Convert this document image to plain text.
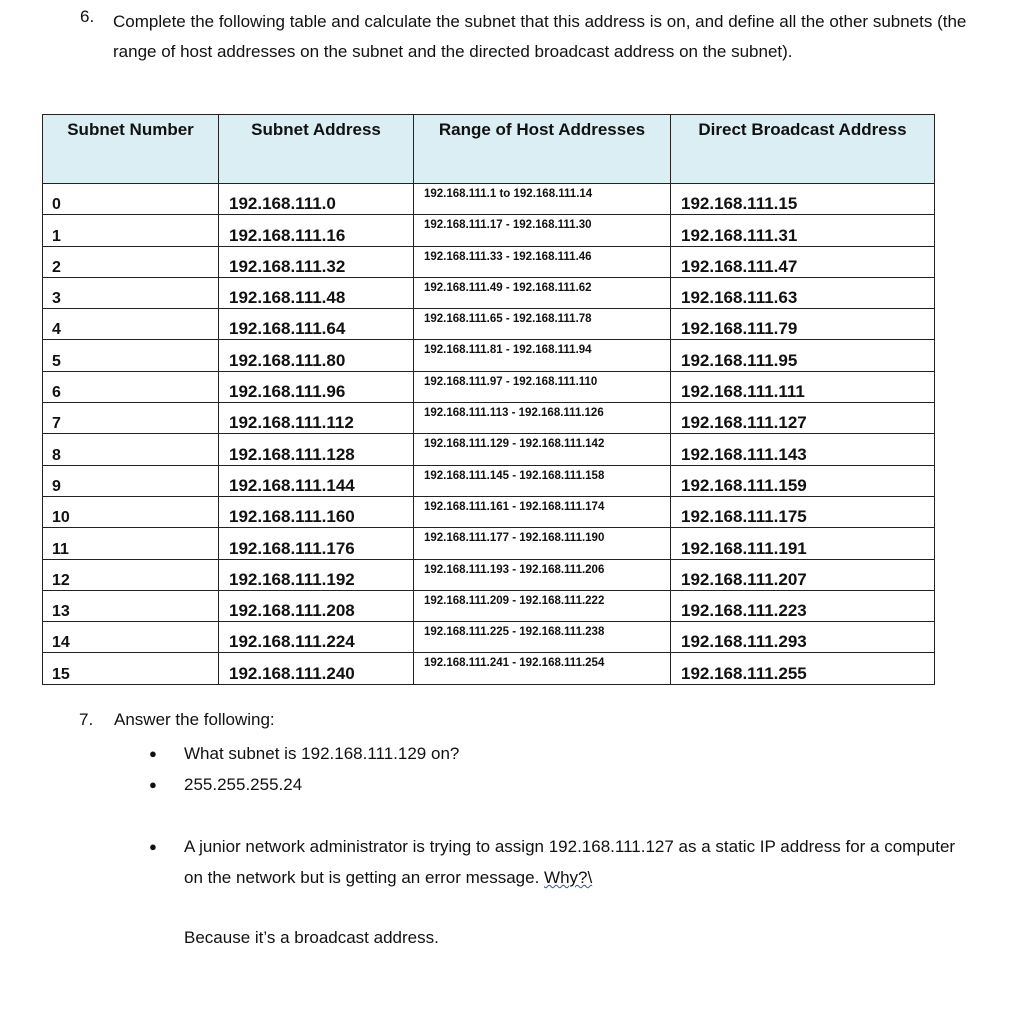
6. Complete the following table and calculate the subnet that this address is on, and define all the other subnets (the range of host addresses on the subnet and the directed broadcast address on the subnet).
Subnet Number	Subnet Address	Range of Host Addresses	Direct Broadcast Address
0	192.168.111.0	192.168.111.1 to 192.168.111.14	192.168.111.15
1	192.168.111.16	192.168.111.17 - 192.168.111.30	192.168.111.31
2	192.168.111.32	192.168.111.33 - 192.168.111.46	192.168.111.47
3	192.168.111.48	192.168.111.49 - 192.168.111.62	192.168.111.63
4	192.168.111.64	192.168.111.65 - 192.168.111.78	192.168.111.79
5	192.168.111.80	192.168.111.81 - 192.168.111.94	192.168.111.95
6	192.168.111.96	192.168.111.97 - 192.168.111.110	192.168.111.111
7	192.168.111.112	192.168.111.113 - 192.168.111.126	192.168.111.127
8	192.168.111.128	192.168.111.129 - 192.168.111.142	192.168.111.143
9	192.168.111.144	192.168.111.145 - 192.168.111.158	192.168.111.159
10	192.168.111.160	192.168.111.161 - 192.168.111.174	192.168.111.175
11	192.168.111.176	192.168.111.177 - 192.168.111.190	192.168.111.191
12	192.168.111.192	192.168.111.193 - 192.168.111.206	192.168.111.207
13	192.168.111.208	192.168.111.209 - 192.168.111.222	192.168.111.223
14	192.168.111.224	192.168.111.225 - 192.168.111.238	192.168.111.293
15	192.168.111.240	192.168.111.241 - 192.168.111.254	192.168.111.255
7. Answer the following:
● What subnet is 192.168.111.129 on?
● 255.255.255.24
● A junior network administrator is trying to assign 192.168.111.127 as a static IP address for a computer on the network but is getting an error message. Why?\
Because it’s a broadcast address.
